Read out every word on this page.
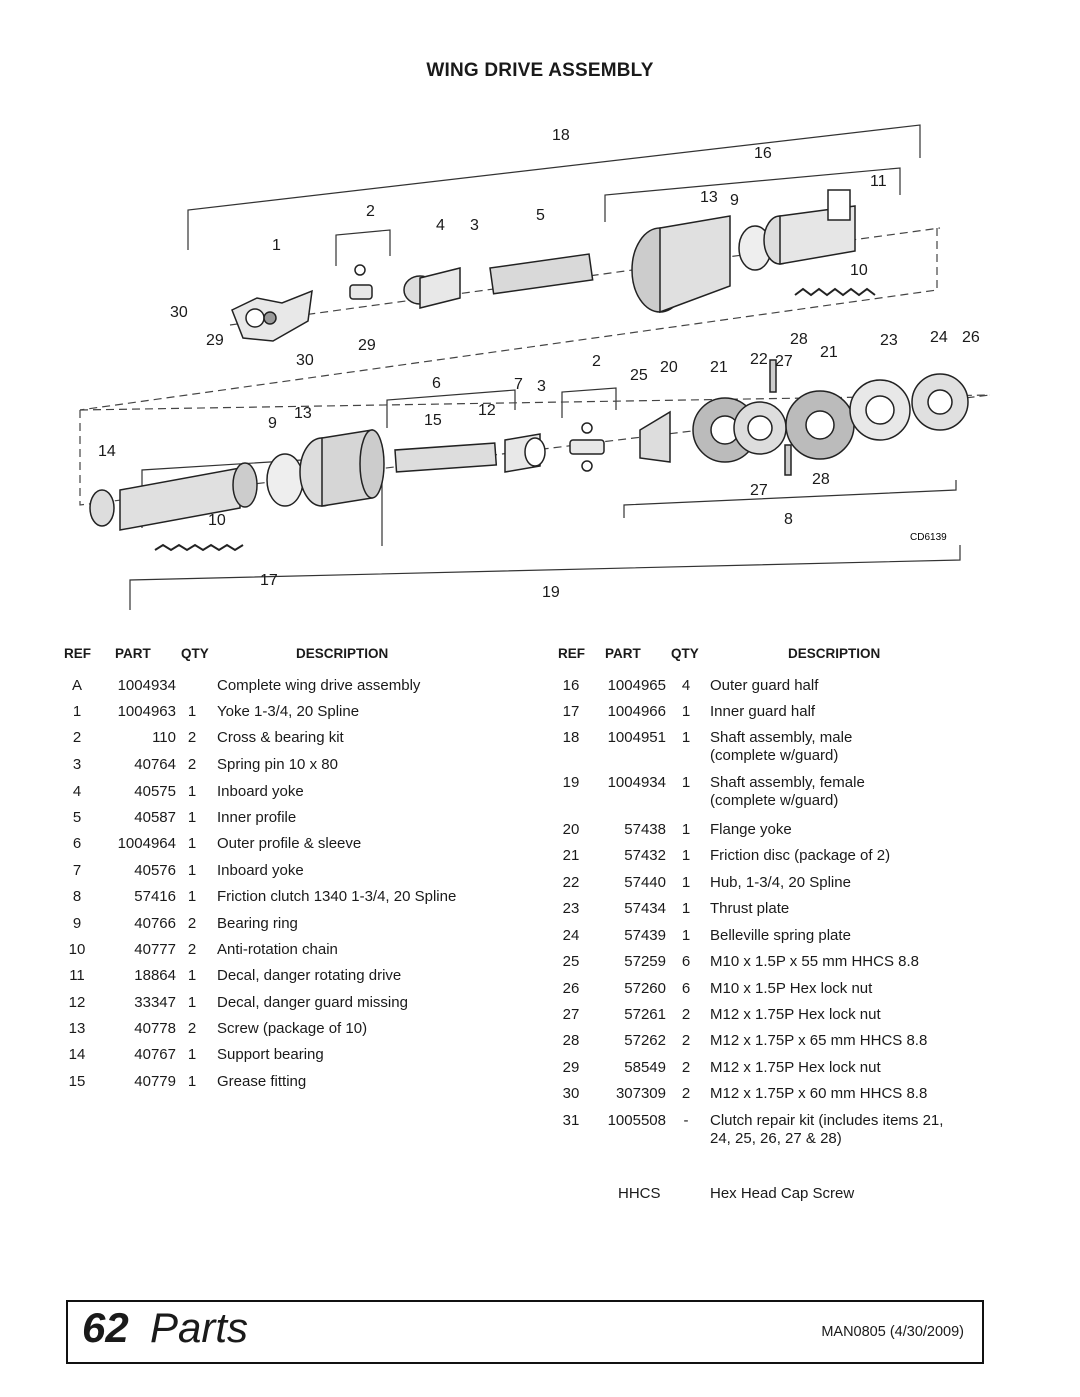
WING DRIVE ASSEMBLY
18
16
11
2
4 3
5
13 9
1
10
30
29
30
29	28	23 24 26
2
25 20 21 22 27
21
6	7 3
9
13	15
12
14
10
27
28
8
17
19
CD6139
REF PART QTY	DESCRIPTION
A	1004934	Complete wing drive assembly
1	1004963 1	Yoke 1-3/4, 20 Spline
2	110 2	Cross & bearing kit
3	40764 2	Spring pin 10 x 80
4	40575 1	Inboard yoke
5	40587 1	Inner profile
6	1004964 1	Outer profile & sleeve
7	40576 1	Inboard yoke
8	57416 1	Friction clutch 1340 1-3/4, 20 Spline
9	40766 2	Bearing ring
10	40777 2	Anti-rotation chain
11	18864 1	Decal, danger rotating drive
12	33347 1	Decal, danger guard missing
13	40778 2	Screw (package of 10)
14	40767 1	Support bearing
15	40779 1	Grease fitting
REF PART QTY	DESCRIPTION
16	1004965	4	Outer guard half
17	1004966	1	Inner guard half
18	1004951	1	Shaft assembly, male
(complete w/guard)
19	1004934	1	Shaft assembly, female
(complete w/guard)
20	57438	1	Flange yoke
21	57432	1	Friction disc (package of 2)
22	57440	1	Hub, 1-3/4, 20 Spline
23	57434	1	Thrust plate
24	57439	1	Belleville spring plate
25	57259	6	M10 x 1.5P x 55 mm HHCS 8.8
26	57260	6	M10 x 1.5P Hex lock nut
27	57261	2	M12 x 1.75P Hex lock nut
28	57262	2	M12 x 1.75P x 65 mm HHCS 8.8
29	58549	2	M12 x 1.75P Hex lock nut
30	307309	2	M12 x 1.75P x 60 mm HHCS 8.8
31	1005508	-	Clutch repair kit (includes items 21,
24, 25, 26, 27 & 28)
HHCS	Hex Head Cap Screw
62 Parts	MAN0805 (4/30/2009)
